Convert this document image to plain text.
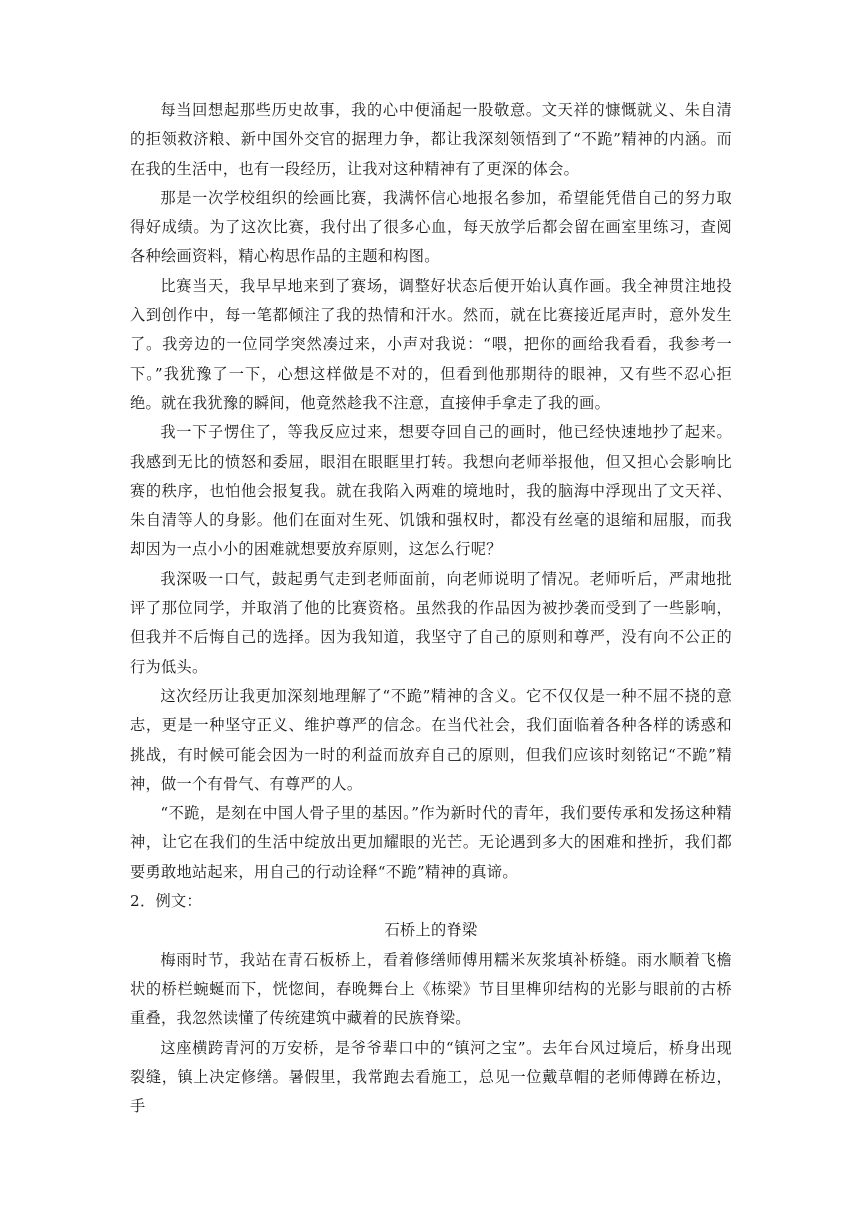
每当回想起那些历史故事，我的心中便涌起一股敬意。文天祥的慷慨就义、朱自清的拒领救济粮、新中国外交官的据理力争，都让我深刻领悟到了“不跪”精神的内涵。而在我的生活中，也有一段经历，让我对这种精神有了更深的体会。

那是一次学校组织的绘画比赛，我满怀信心地报名参加，希望能凭借自己的努力取得好成绩。为了这次比赛，我付出了很多心血，每天放学后都会留在画室里练习，查阅各种绘画资料，精心构思作品的主题和构图。

比赛当天，我早早地来到了赛场，调整好状态后便开始认真作画。我全神贯注地投入到创作中，每一笔都倾注了我的热情和汗水。然而，就在比赛接近尾声时，意外发生了。我旁边的一位同学突然凑过来，小声对我说：“喂，把你的画给我看看，我参考一下。”我犹豫了一下，心想这样做是不对的，但看到他那期待的眼神，又有些不忍心拒绝。就在我犹豫的瞬间，他竟然趁我不注意，直接伸手拿走了我的画。

我一下子愣住了，等我反应过来，想要夺回自己的画时，他已经快速地抄了起来。我感到无比的愤怒和委屈，眼泪在眼眶里打转。我想向老师举报他，但又担心会影响比赛的秩序，也怕他会报复我。就在我陷入两难的境地时，我的脑海中浮现出了文天祥、朱自清等人的身影。他们在面对生死、饥饿和强权时，都没有丝毫的退缩和屈服，而我却因为一点小小的困难就想要放弃原则，这怎么行呢？

我深吸一口气，鼓起勇气走到老师面前，向老师说明了情况。老师听后，严肃地批评了那位同学，并取消了他的比赛资格。虽然我的作品因为被抄袭而受到了一些影响，但我并不后悔自己的选择。因为我知道，我坚守了自己的原则和尊严，没有向不公正的行为低头。

这次经历让我更加深刻地理解了“不跪”精神的含义。它不仅仅是一种不屈不挠的意志，更是一种坚守正义、维护尊严的信念。在当代社会，我们面临着各种各样的诱惑和挑战，有时候可能会因为一时的利益而放弃自己的原则，但我们应该时刻铭记“不跪”精神，做一个有骨气、有尊严的人。

“不跪，是刻在中国人骨子里的基因。”作为新时代的青年，我们要传承和发扬这种精神，让它在我们的生活中绽放出更加耀眼的光芒。无论遇到多大的困难和挫折，我们都要勇敢地站起来，用自己的行动诠释“不跪”精神的真谛。

2．例文：

石桥上的脊梁

梅雨时节，我站在青石板桥上，看着修缮师傅用糯米灰浆填补桥缝。雨水顺着飞檐状的桥栏蜿蜒而下，恍惚间，春晚舞台上《栋梁》节目里榫卯结构的光影与眼前的古桥重叠，我忽然读懂了传统建筑中藏着的民族脊梁。

这座横跨青河的万安桥，是爷爷辈口中的“镇河之宝”。去年台风过境后，桥身出现裂缝，镇上决定修缮。暑假里，我常跑去看施工，总见一位戴草帽的老师傅蹲在桥边，手
